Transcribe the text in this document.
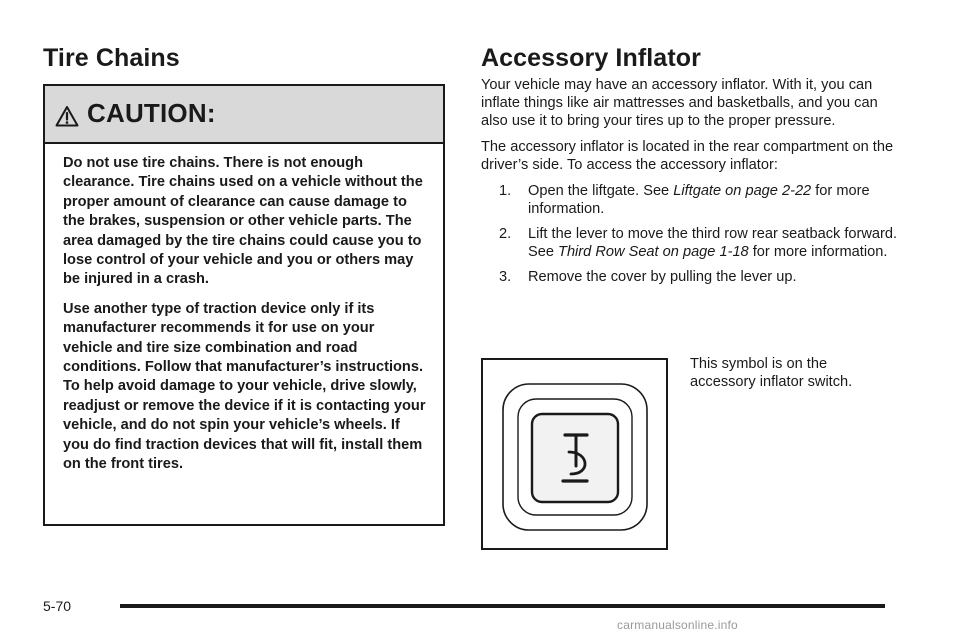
Tire Chains
CAUTION:

Do not use tire chains. There is not enough clearance. Tire chains used on a vehicle without the proper amount of clearance can cause damage to the brakes, suspension or other vehicle parts. The area damaged by the tire chains could cause you to lose control of your vehicle and you or others may be injured in a crash.

Use another type of traction device only if its manufacturer recommends it for use on your vehicle and tire size combination and road conditions. Follow that manufacturer’s instructions. To help avoid damage to your vehicle, drive slowly, readjust or remove the device if it is contacting your vehicle, and do not spin your vehicle’s wheels. If you do find traction devices that will fit, install them on the front tires.

Accessory Inflator

Your vehicle may have an accessory inflator. With it, you can inflate things like air mattresses and basketballs, and you can also use it to bring your tires up to the proper pressure.

The accessory inflator is located in the rear compartment on the driver’s side. To access the accessory inflator:

1. Open the liftgate. See Liftgate on page 2-22 for more information.
2. Lift the lever to move the third row rear seatback forward. See Third Row Seat on page 1-18 for more information.
3. Remove the cover by pulling the lever up.
This symbol is on the accessory inflator switch.
5-70
carmanualsonline.info
